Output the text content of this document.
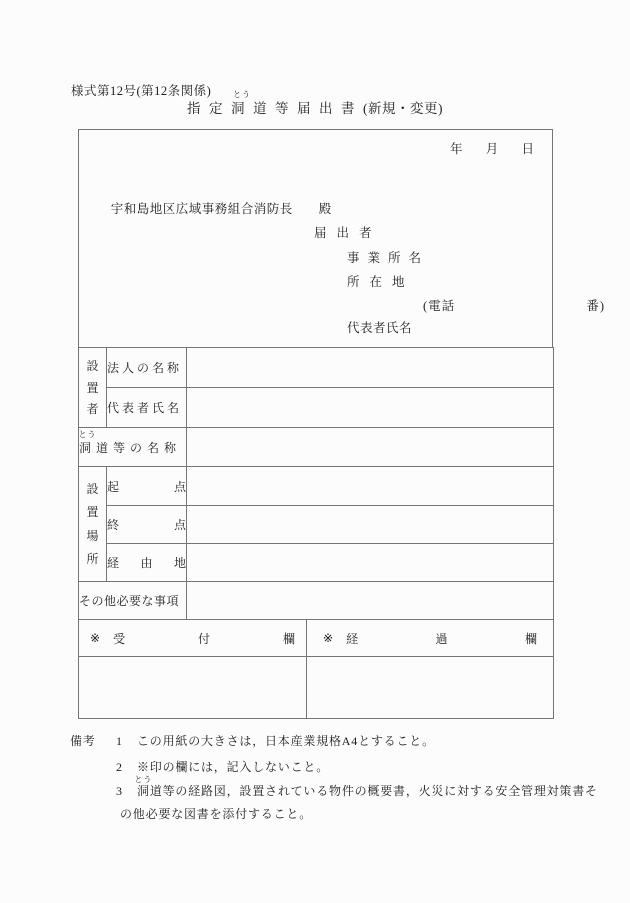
様式第12号(第12条関係)
指定
とう
洞道等届出書(新規・変更)
年 月 日

宇和島地区広域事務組合消防長 殿

届出者
事業所名
所在地
(電話	番)
代表者氏名
設
置
者	法人の名称		
	代表者氏名		

とう
洞道等の名称			

設
置
場
所	起 点		

	終 点		

	経 由 地		

その他必要な事項			

※ 受 付 欄			※ 経 過 欄

備考 1 この用紙の大きさは，日本産業規格A4とすること。
2 ※印の欄には，記入しないこと。
3
とう
洞道等の経路図，設置されている物件の概要書，火災に対する安全管理対策書そ
の他必要な図書を添付すること。
